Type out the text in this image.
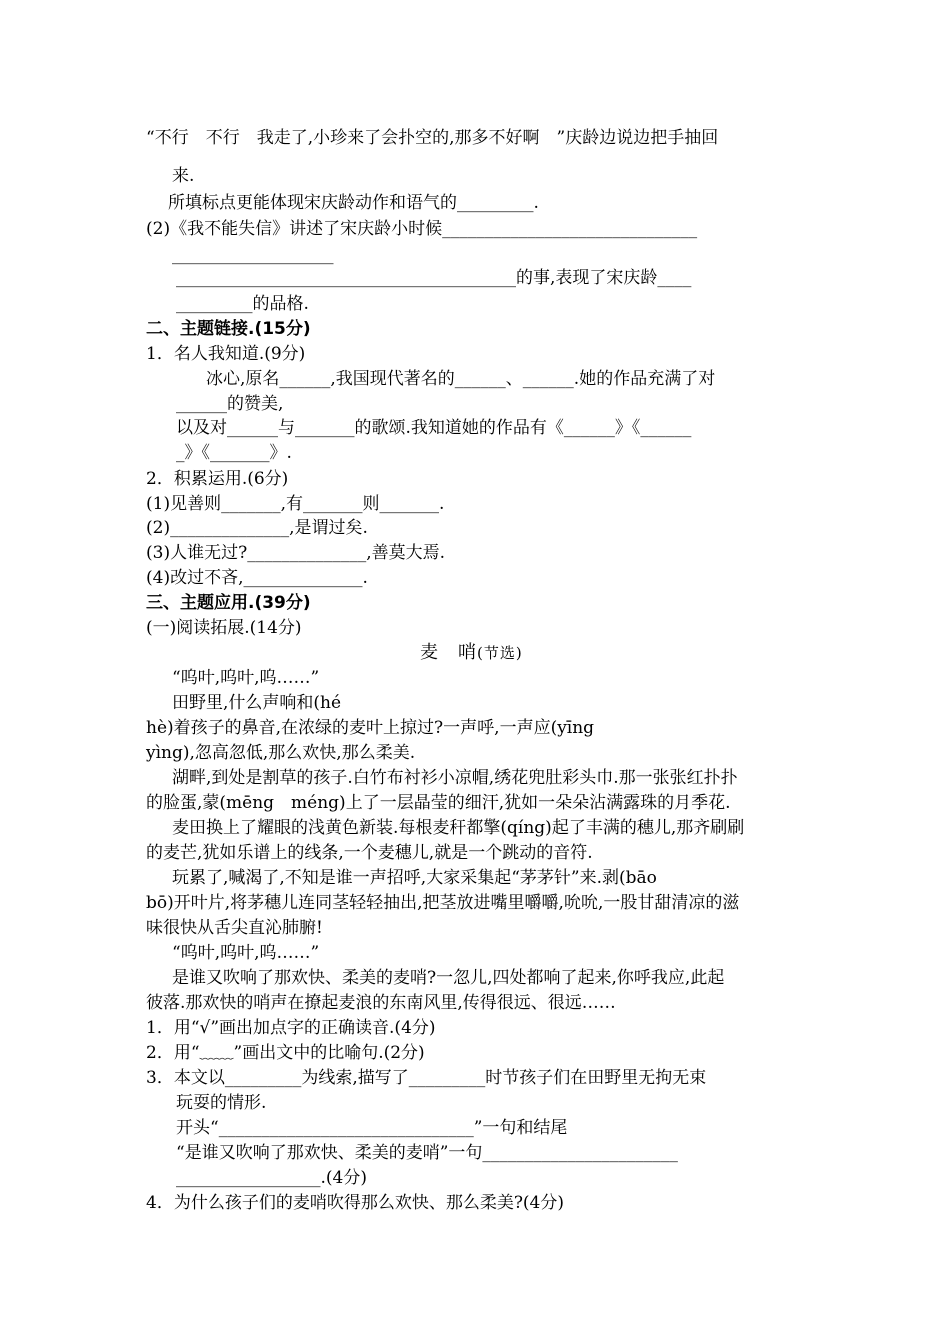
“不行　不行　我走了,小珍来了会扑空的,那多不好啊　”庆龄边说边把手抽回
来.
所填标点更能体现宋庆龄动作和语气的_________.
(2)《我不能失信》讲述了宋庆龄小时候______________________________
___________________
________________________________________的事,表现了宋庆龄____
_________的品格.
二、主题链接.(15分)
1．名人我知道.(9分)
冰心,原名______,我国现代著名的______、______.她的作品充满了对
______的赞美,
以及对______与_______的歌颂.我知道她的作品有《______》《______
_》《_______》.
2．积累运用.(6分)
(1)见善则_______,有_______则_______.
(2)______________,是谓过矣.
(3)人谁无过?______________,善莫大焉.
(4)改过不吝,______________.
三、主题应用.(39分)
(一)阅读拓展.(14分)
“呜叶,呜叶,呜……”
田野里,什么声响和(hé
hè)着孩子的鼻音,在浓绿的麦叶上掠过?一声呼,一声应(yīng
yìng),忽高忽低,那么欢快,那么柔美.
湖畔,到处是割草的孩子.白竹布衬衫小凉帽,绣花兜肚彩头巾.那一张张红扑扑
的脸蛋,蒙(mēng　méng)上了一层晶莹的细汗,犹如一朵朵沾满露珠的月季花.
麦田换上了耀眼的浅黄色新装.每根麦秆都擎(qíng)起了丰满的穗儿,那齐刷刷
的麦芒,犹如乐谱上的线条,一个麦穗儿,就是一个跳动的音符.
玩累了,喊渴了,不知是谁一声招呼,大家采集起“茅茅针”来.剥(bāo
bō)开叶片,将茅穗儿连同茎轻轻抽出,把茎放进嘴里嚼嚼,吮吮,一股甘甜清凉的滋
味很快从舌尖直沁肺腑!
“呜叶,呜叶,呜……”
是谁又吹响了那欢快、柔美的麦哨?一忽儿,四处都响了起来,你呼我应,此起
彼落.那欢快的哨声在撩起麦浪的东南风里,传得很远、很远……
1．用“√”画出加点字的正确读音.(4分)
2．用“﹏﹏”画出文中的比喻句.(2分)
3．本文以_________为线索,描写了_________时节孩子们在田野里无拘无束
玩耍的情形.
开头“______________________________”一句和结尾
“是谁又吹响了那欢快、柔美的麦哨”一句_______________________
_________________.(4分)
4．为什么孩子们的麦哨吹得那么欢快、那么柔美?(4分)
麦　哨(节选)
